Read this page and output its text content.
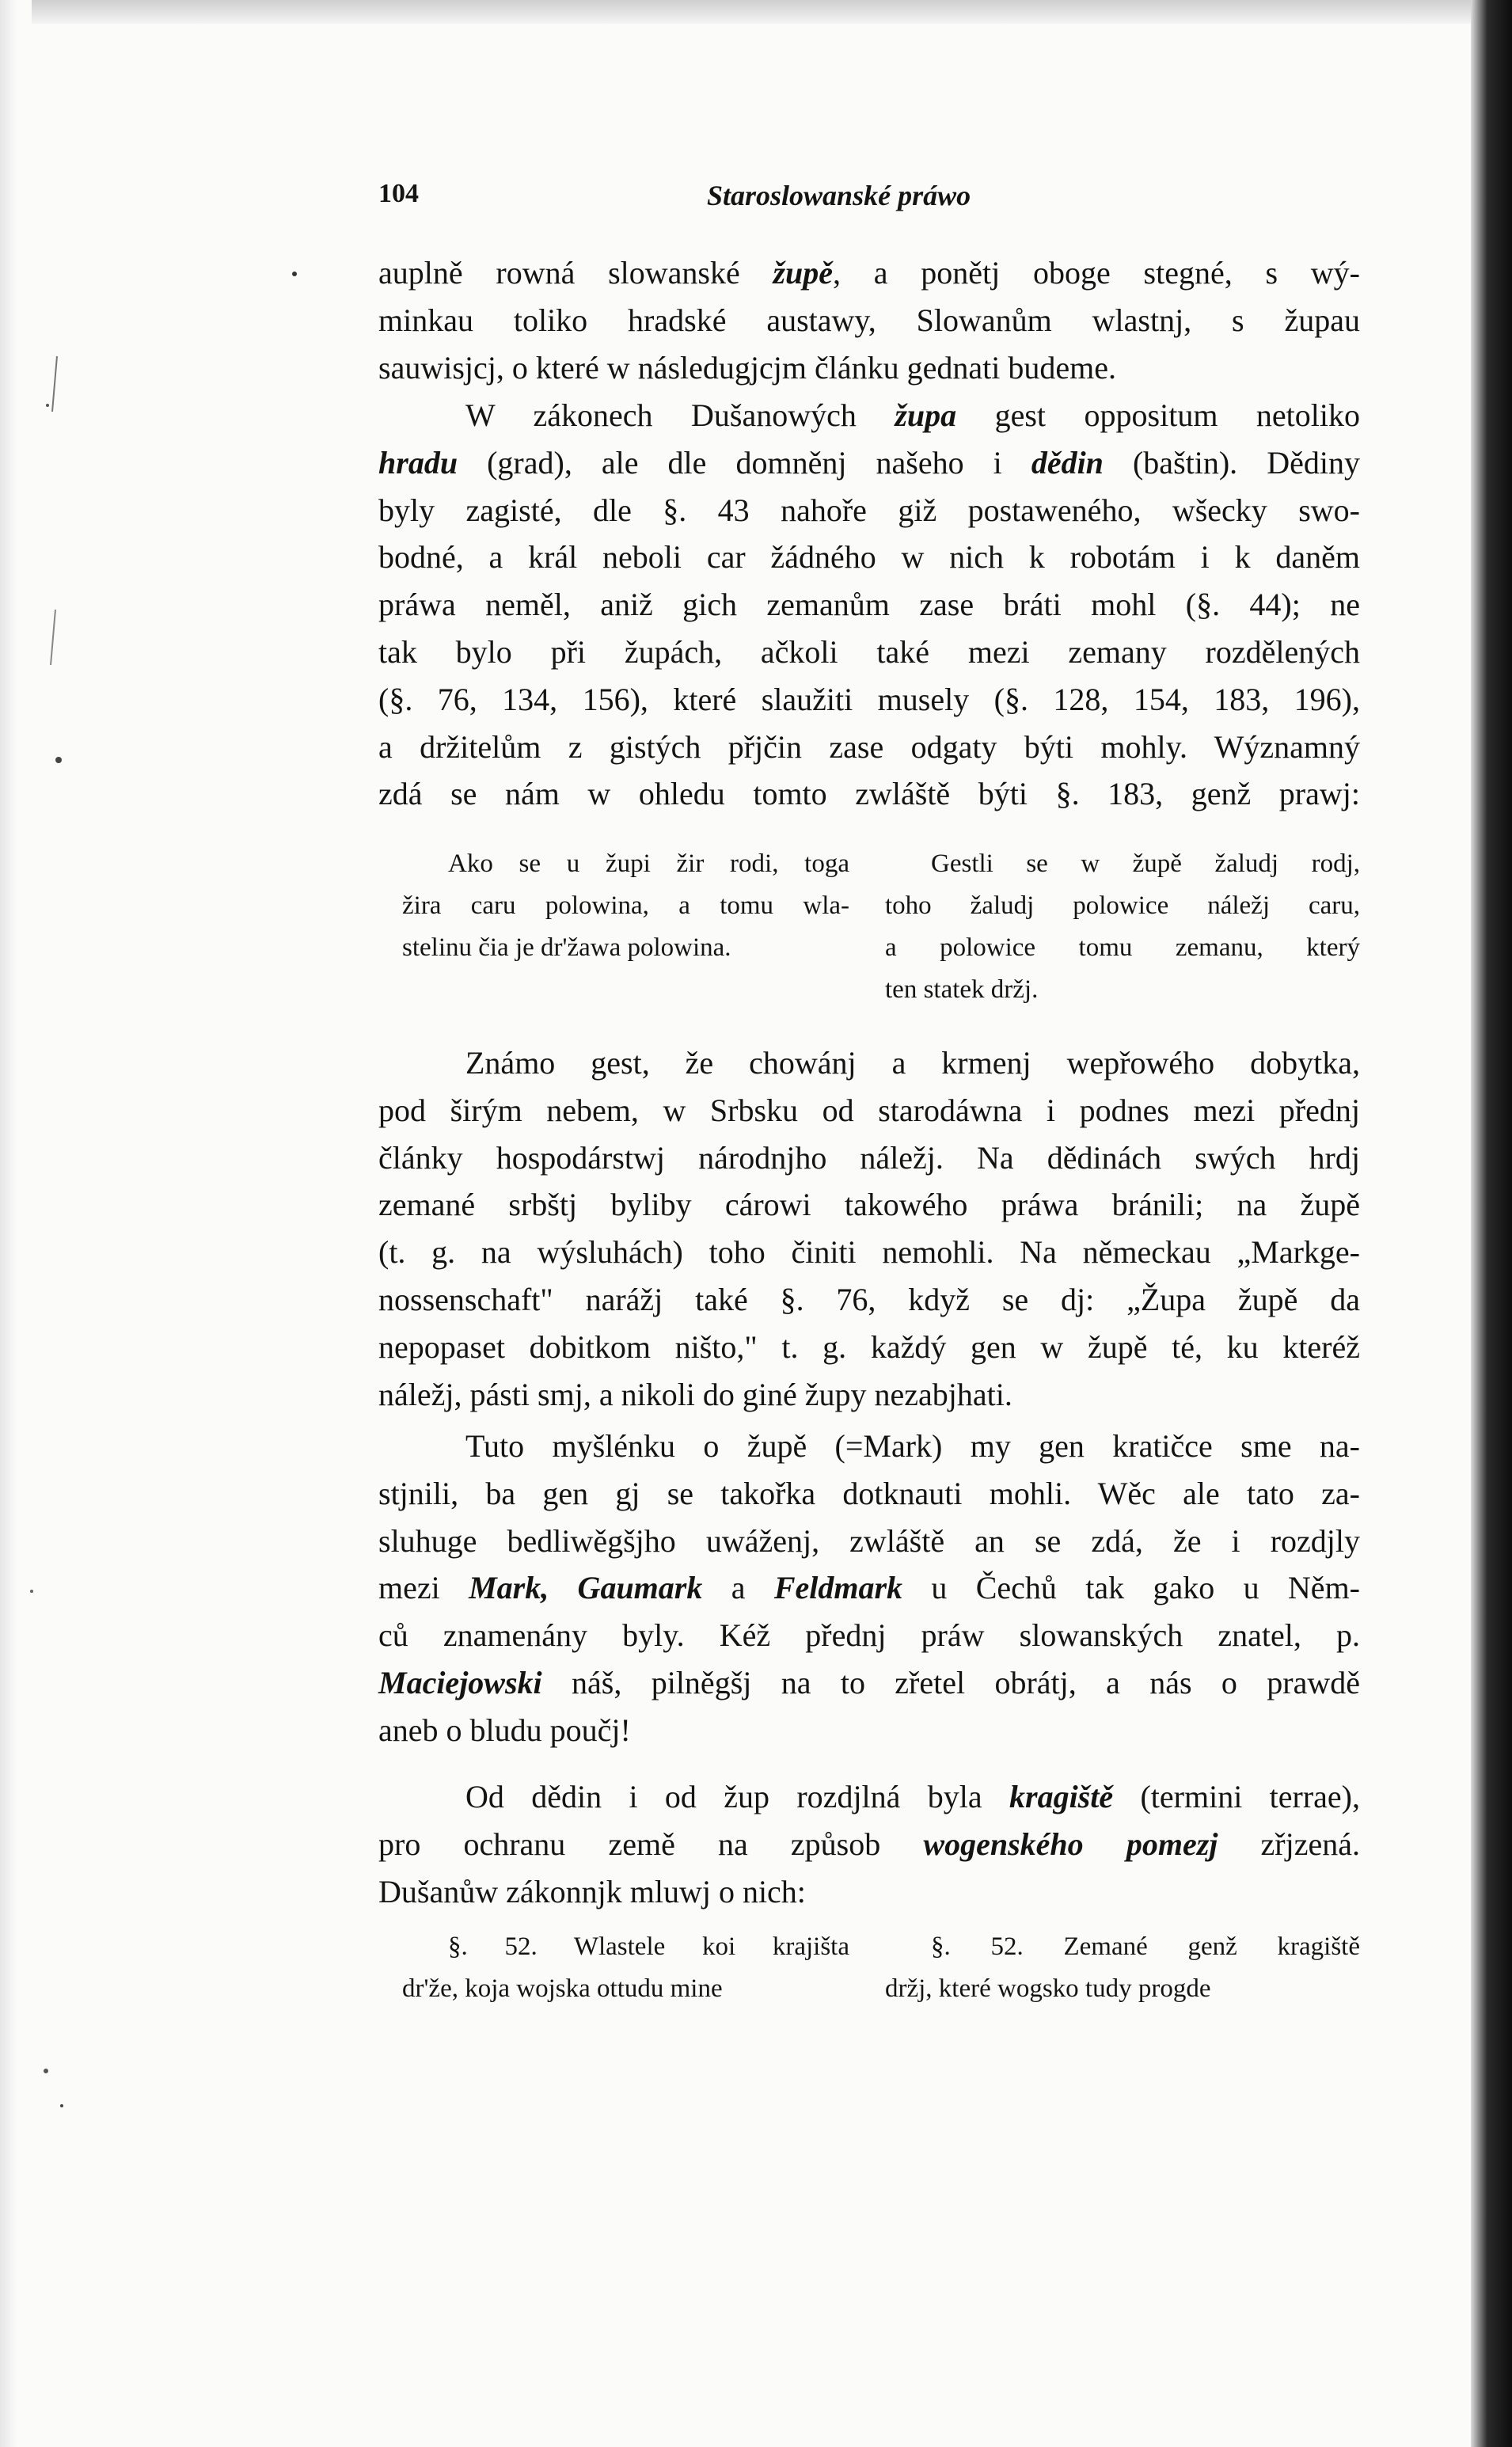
104	Staroslowanské práwo

auplně rowná slowanské župě, a ponětj oboge stegné, s wý-
minkau toliko hradské austawy, Slowanům wlastnj, s župau
sauwisjcj, o které w následugjcjm článku gednati budeme.

W zákonech Dušanowých župa gest oppositum netoliko
hradu (grad), ale dle domněnj našeho i dědin (baštin). Dědiny
byly zagisté, dle §. 43 nahoře giž postaweného, wšecky swo-
bodné, a král neboli car žádného w nich k robotám i k daněm
práwa neměl, aniž gich zemanům zase bráti mohl (§. 44); ne
tak bylo při župách, ačkoli také mezi zemany rozdělených
(§. 76, 134, 156), které slaužiti musely (§. 128, 154, 183, 196),
a držitelům z gistých přjčin zase odgaty býti mohly. Wýznamný
zdá se nám w ohledu tomto zwláště býti §. 183, genž prawj:

Ako se u župi žir rodi, toga
žira caru polowina, a tomu wla-
stelinu čia je dr'žawa polowina.
Gestli se w župě žaludj rodj,
toho žaludj polowice náležj caru,
a polowice tomu zemanu, který
ten statek držj.

Známo gest, že chowánj a krmenj wepřowého dobytka,
pod širým nebem, w Srbsku od starodáwna i podnes mezi přednj
články hospodárstwj národnjho náležj. Na dědinách swých hrdj
zemané srbštj byliby cárowi takowého práwa bránili; na župě
(t. g. na wýsluhách) toho činiti nemohli. Na německau „Markge-
nossenschaft" narážj také §. 76, když se dj: „Župa župě da
nepopaset dobitkom ništo," t. g. každý gen w župě té, ku kteréž
náležj, pásti smj, a nikoli do giné župy nezabjhati.

Tuto myšlénku o župě (=Mark) my gen kratičce sme na-
stjnili, ba gen gj se takořka dotknauti mohli. Wěc ale tato za-
sluhuge bedliwěgšjho uwáženj, zwláště an se zdá, že i rozdjly
mezi Mark, Gaumark a Feldmark u Čechů tak gako u Něm-
ců znamenány byly. Kéž přednj práw slowanských znatel, p.
Maciejowski náš, pilněgšj na to zřetel obrátj, a nás o prawdě
aneb o bludu poučj!

Od dědin i od žup rozdjlná byla kragiště (termini terrae),
pro ochranu země na způsob wogenského pomezj zřjzená.
Dušanůw zákonnjk mluwj o nich:

§. 52. Wlastele koi krajišta
dr'že, koja wojska ottudu mine
§. 52. Zemané genž kragiště
držj, které wogsko tudy progde
